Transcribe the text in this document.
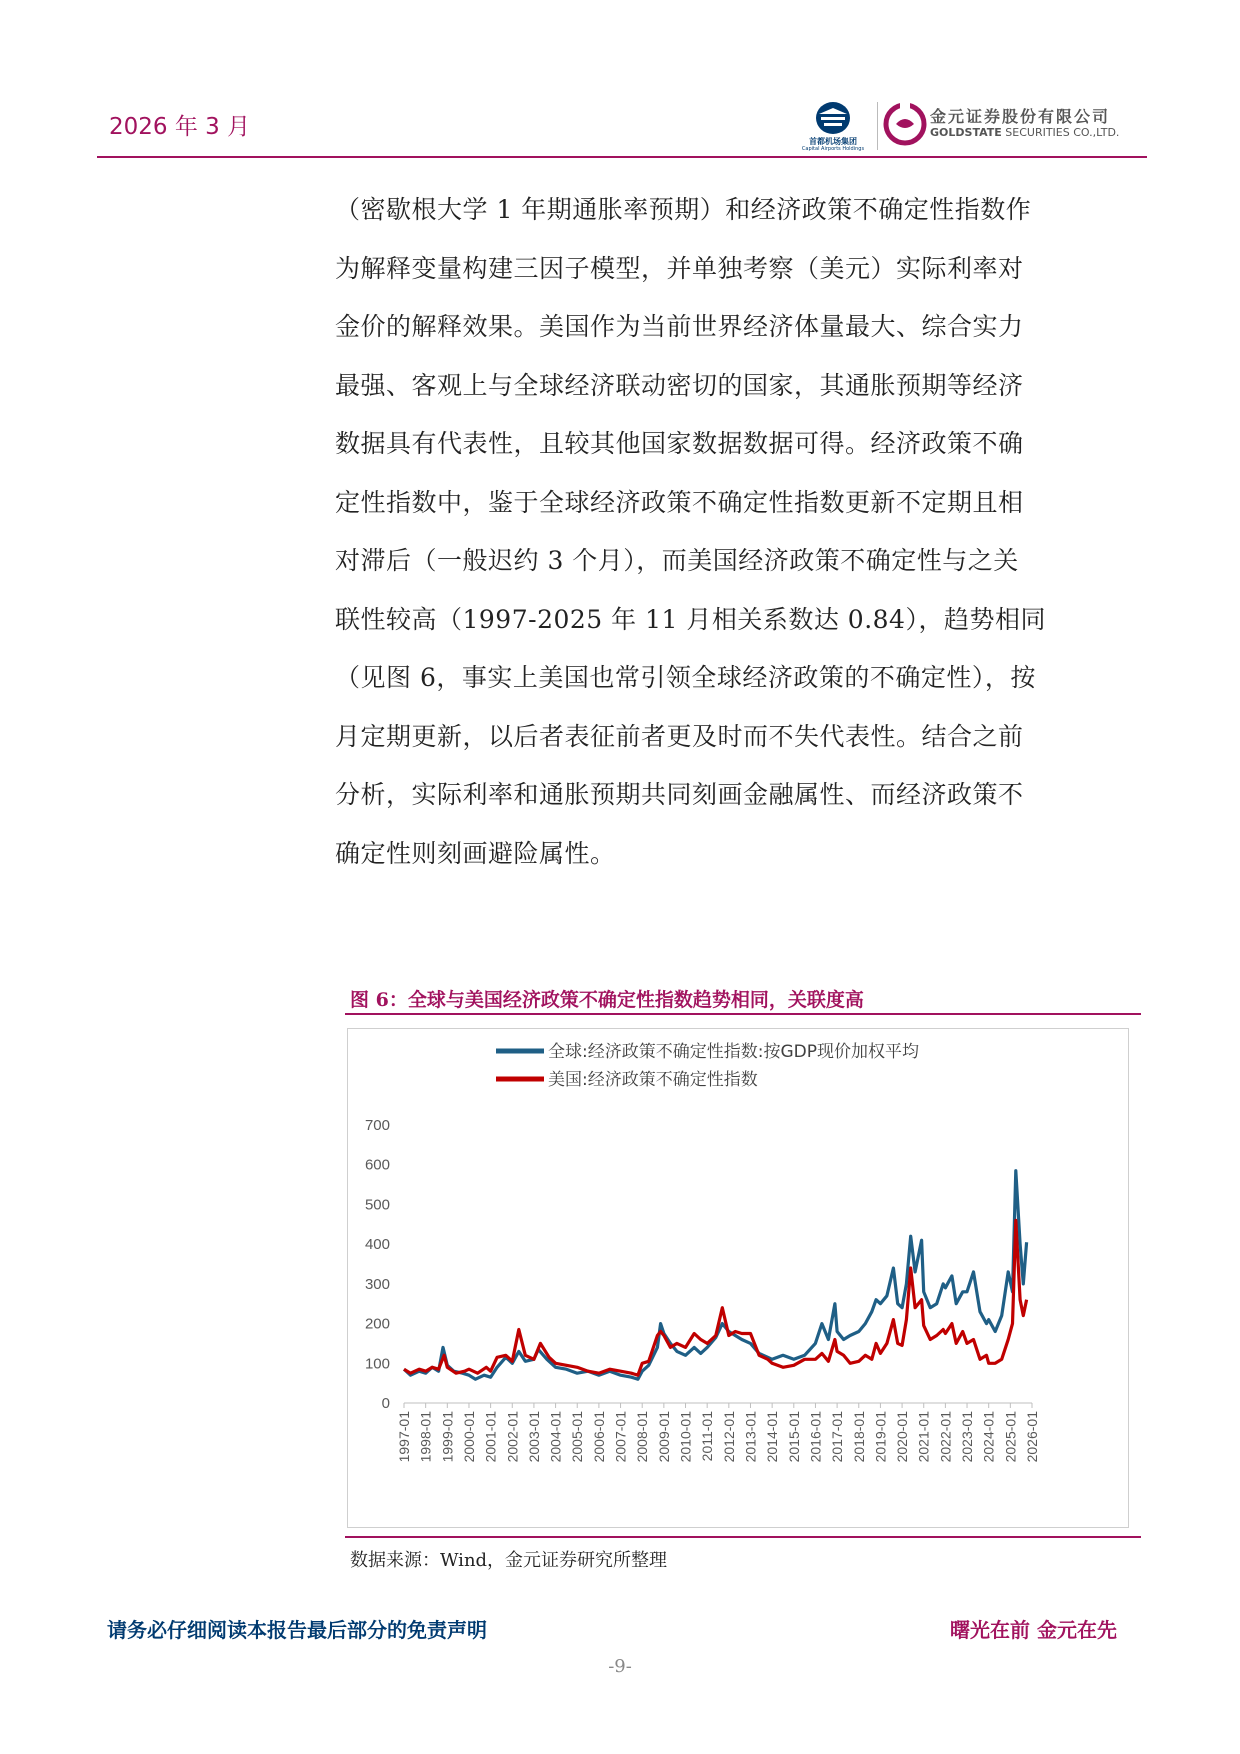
2026 年 3 月
首都机场集团
Capital Airports Holdings
金元证券股份有限公司
GOLDSTATE SECURITIES CO.,LTD.
（密歇根大学 1 年期通胀率预期）和经济政策不确定性指数作
为解释变量构建三因子模型，并单独考察（美元）实际利率对
金价的解释效果。美国作为当前世界经济体量最大、综合实力
最强、客观上与全球经济联动密切的国家，其通胀预期等经济
数据具有代表性，且较其他国家数据数据可得。经济政策不确
定性指数中，鉴于全球经济政策不确定性指数更新不定期且相
对滞后（一般迟约 3 个月），而美国经济政策不确定性与之关
联性较高（1997-2025 年 11 月相关系数达 0.84），趋势相同
（见图 6，事实上美国也常引领全球经济政策的不确定性），按
月定期更新，以后者表征前者更及时而不失代表性。结合之前
分析，实际利率和通胀预期共同刻画金融属性、而经济政策不
确定性则刻画避险属性。
图 6：全球与美国经济政策不确定性指数趋势相同，关联度高
0
100
200
300
400
500
600
700
1997-01 1998-01 1999-01 2000-01 2001-01 2002-01 2003-01 2004-01 2005-01 2006-01 2007-01 2008-01 2009-01 2010-01 2011-01 2012-01 2013-01 2014-01 2015-01 2016-01 2017-01 2018-01 2019-01 2020-01 2021-01 2022-01 2023-01 2024-01 2025-01 2026-01
全球:经济政策不确定性指数:按GDP现价加权平均
美国:经济政策不确定性指数
数据来源：Wind，金元证券研究所整理
请务必仔细阅读本报告最后部分的免责声明	曙光在前 金元在先
-9-
